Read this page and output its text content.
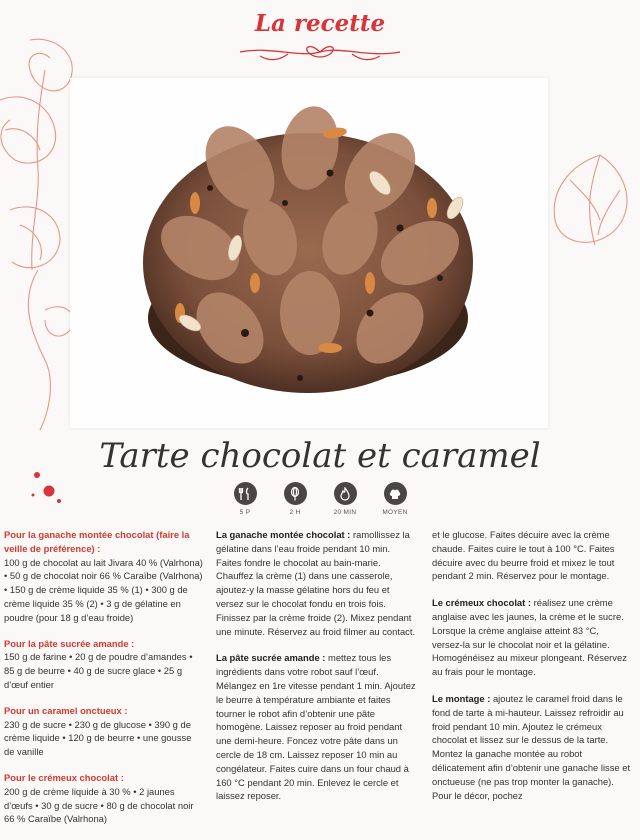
La recette
Tarte chocolat et caramel
5 P	2 H	20 MIN	MOYEN
Pour la ganache montée chocolat (faire la veille de préférence) :
100 g de chocolat au lait Jivara 40 % (Valrhona) • 50 g de chocolat noir 66 % Caraïbe (Valrhona) • 150 g de crème liquide 35 % (1) • 300 g de crème liquide 35 % (2) • 3 g de gélatine en poudre (pour 18 g d’eau froide)
Pour la pâte sucrée amande :
150 g de farine • 20 g de poudre d’amandes • 85 g de beurre • 40 g de sucre glace • 25 g d’œuf entier
Pour un caramel onctueux :
230 g de sucre • 230 g de glucose • 390 g de crème liquide • 120 g de beurre • une gousse de vanille
Pour le crémeux chocolat :
200 g de crème liquide à 30 % • 2 jaunes d’œufs • 30 g de sucre • 80 g de chocolat noir 66 % Caraïbe (Valrhona)

La ganache montée chocolat : ramollissez la gélatine dans l’eau froide pendant 10 min. Faites fondre le chocolat au bain-marie. Chauffez la crème (1) dans une casserole, ajoutez-y la masse gélatine hors du feu et versez sur le chocolat fondu en trois fois. Finissez par la crème froide (2). Mixez pendant une minute. Réservez au froid filmer au contact.

La pâte sucrée amande : mettez tous les ingrédients dans votre robot sauf l’œuf. Mélangez en 1re vitesse pendant 1 min. Ajoutez le beurre à température ambiante et faites tourner le robot afin d’obtenir une pâte homogène. Laissez reposer au froid pendant une demi-heure. Foncez votre pâte dans un cercle de 18 cm. Laissez reposer 10 min au congélateur. Faites cuire dans un four chaud à 160 °C pendant 20 min. Enlevez le cercle et laissez reposer.

et le glucose. Faites décuire avec la crème chaude. Faites cuire le tout à 100 °C. Faites décuire avec du beurre froid et mixez le tout pendant 2 min. Réservez pour le montage.

Le crémeux chocolat : réalisez une crème anglaise avec les jaunes, la crème et le sucre. Lorsque la crème anglaise atteint 83 °C, versez-la sur le chocolat noir et la gélatine. Homogénéisez au mixeur plongeant. Réservez au frais pour le montage.

Le montage : ajoutez le caramel froid dans le fond de tarte à mi-hauteur. Laissez refroidir au froid pendant 10 min. Ajoutez le crémeux chocolat et lissez sur le dessus de la tarte. Montez la ganache montée au robot délicatement afin d’obtenir une ganache lisse et onctueuse (ne pas trop monter la ganache). Pour le décor, pochez
